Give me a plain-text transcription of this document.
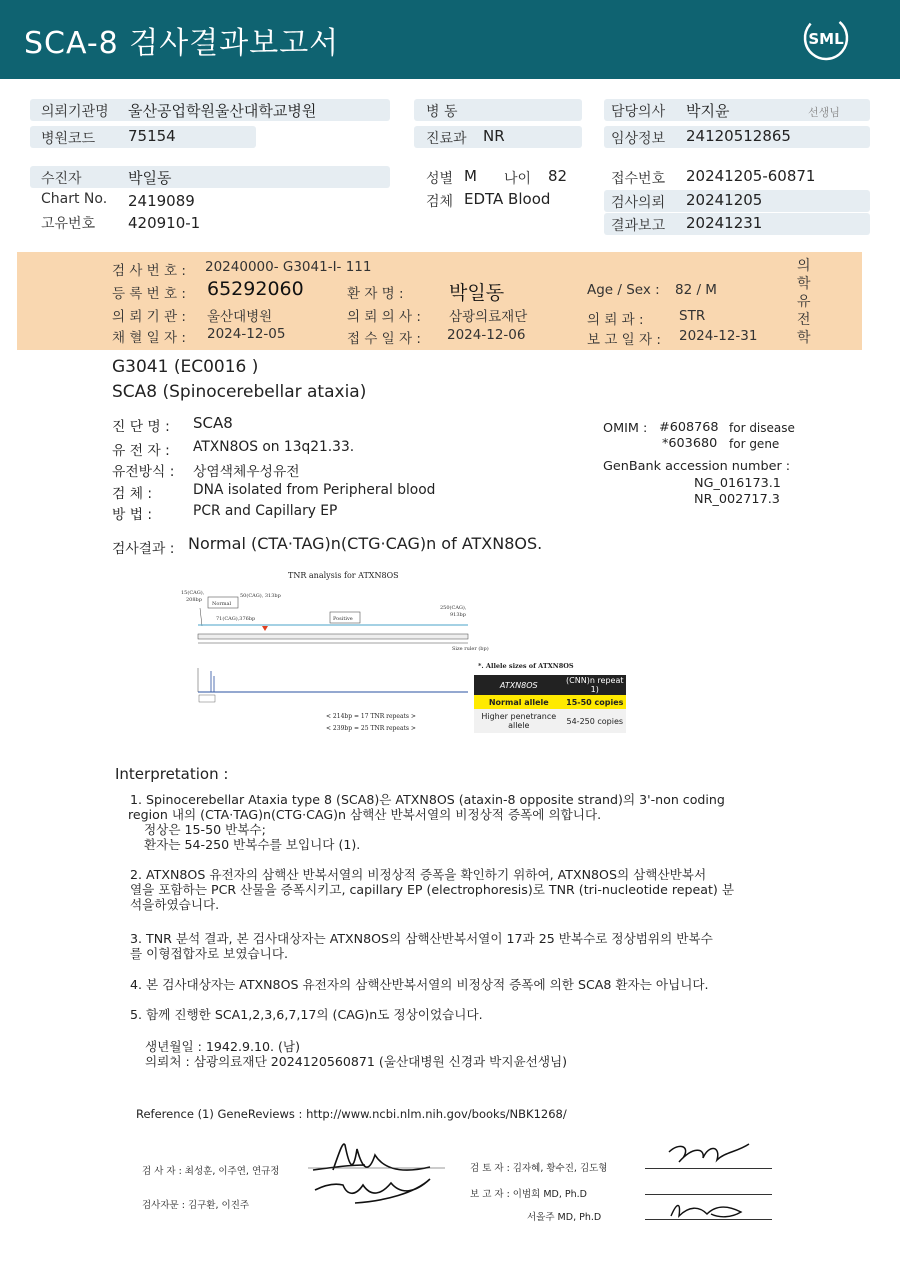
SCA-8 검사결과보고서	SML
의뢰기관명 울산공업학원울산대학교병원	병 동	담당의사 박지윤	선생님
병원코드 75154	진료과 NR	임상정보 24120512865
수진자	박일동	성별 M 나이 82	접수번호 20241205-60871
Chart No. 2419089	검체 EDTA Blood	검사의뢰 20241205
고유번호 420910-1	결과보고 20241231
검 사 번 호 : 20240000- G3041-Ⅰ- 111
등 록 번 호 : 65292060	환 자 명 : 박일동	Age / Sex : 82 / M
의 뢰 기 관 : 울산대병원	의 뢰 의 사 : 삼광의료재단	의 뢰 과 :	STR
채 혈 일 자 : 2024-12-05	접 수 일 자 : 2024-12-06	보 고 일 자 : 2024-12-31
의학유전학
G3041 (EC0016 )
SCA8 (Spinocerebellar ataxia)
진 단 명 : SCA8
유 전 자 : ATXN8OS on 13q21.33.
유전방식 : 상염색체우성유전
검 체 :	DNA isolated from Peripheral blood
방 법 :	PCR and Capillary EP
OMIM : #608768 for disease
*603680 for gene
GenBank accession number :
NG_016173.1
NR_002717.3
검사결과 : Normal (CTA·TAG)n(CTG·CAG)n of ATXN8OS.
TNR analysis for ATXN8OS
15(CAG),
208bp
Normal
50(CAG), 313bp
71(CAG),376bp	Positive
250(CAG),
913bp
Size ruler (bp)
< 214bp = 17 TNR repeats >
< 239bp = 25 TNR repeats >
*. Allele sizes of ATXN8OS
ATXN8OS	(CNN)n repeat 1)
Normal allele	15-50 copies
Higher penetrance allele	54-250 copies
Interpretation :
1. Spinocerebellar Ataxia type 8 (SCA8)은 ATXN8OS (ataxin-8 opposite strand)의 3'-non coding
region 내의 (CTA·TAG)n(CTG·CAG)n 삼핵산 반복서열의 비정상적 증폭에 의합니다.
정상은 15-50 반복수;
환자는 54-250 반복수를 보입니다 (1).
2. ATXN8OS 유전자의 삼핵산 반복서열의 비정상적 증폭을 확인하기 위하여, ATXN8OS의 삼핵산반복서
열을 포함하는 PCR 산물을 증폭시키고, capillary EP (electrophoresis)로 TNR (tri-nucleotide repeat) 분
석을하였습니다.
3. TNR 분석 결과, 본 검사대상자는 ATXN8OS의 삼핵산반복서열이 17과 25 반복수로 정상범위의 반복수
를 이형접합자로 보였습니다.
4. 본 검사대상자는 ATXN8OS 유전자의 삼핵산반복서열의 비정상적 증폭에 의한 SCA8 환자는 아닙니다.
5. 함께 진행한 SCA1,2,3,6,7,17의 (CAG)n도 정상이었습니다.
생년월일 : 1942.9.10. (남)
의뢰처 : 삼광의료재단 2024120560871 (울산대병원 신경과 박지윤선생님)
Reference (1) GeneReviews : http://www.ncbi.nlm.nih.gov/books/NBK1268/
검 사 자 : 최성훈, 이주연, 연규정
검사자문 : 김구환, 이진주
검 토 자 : 김자혜, 황수진, 김도형
보 고 자 : 이범희 MD, Ph.D
서올주 MD, Ph.D
